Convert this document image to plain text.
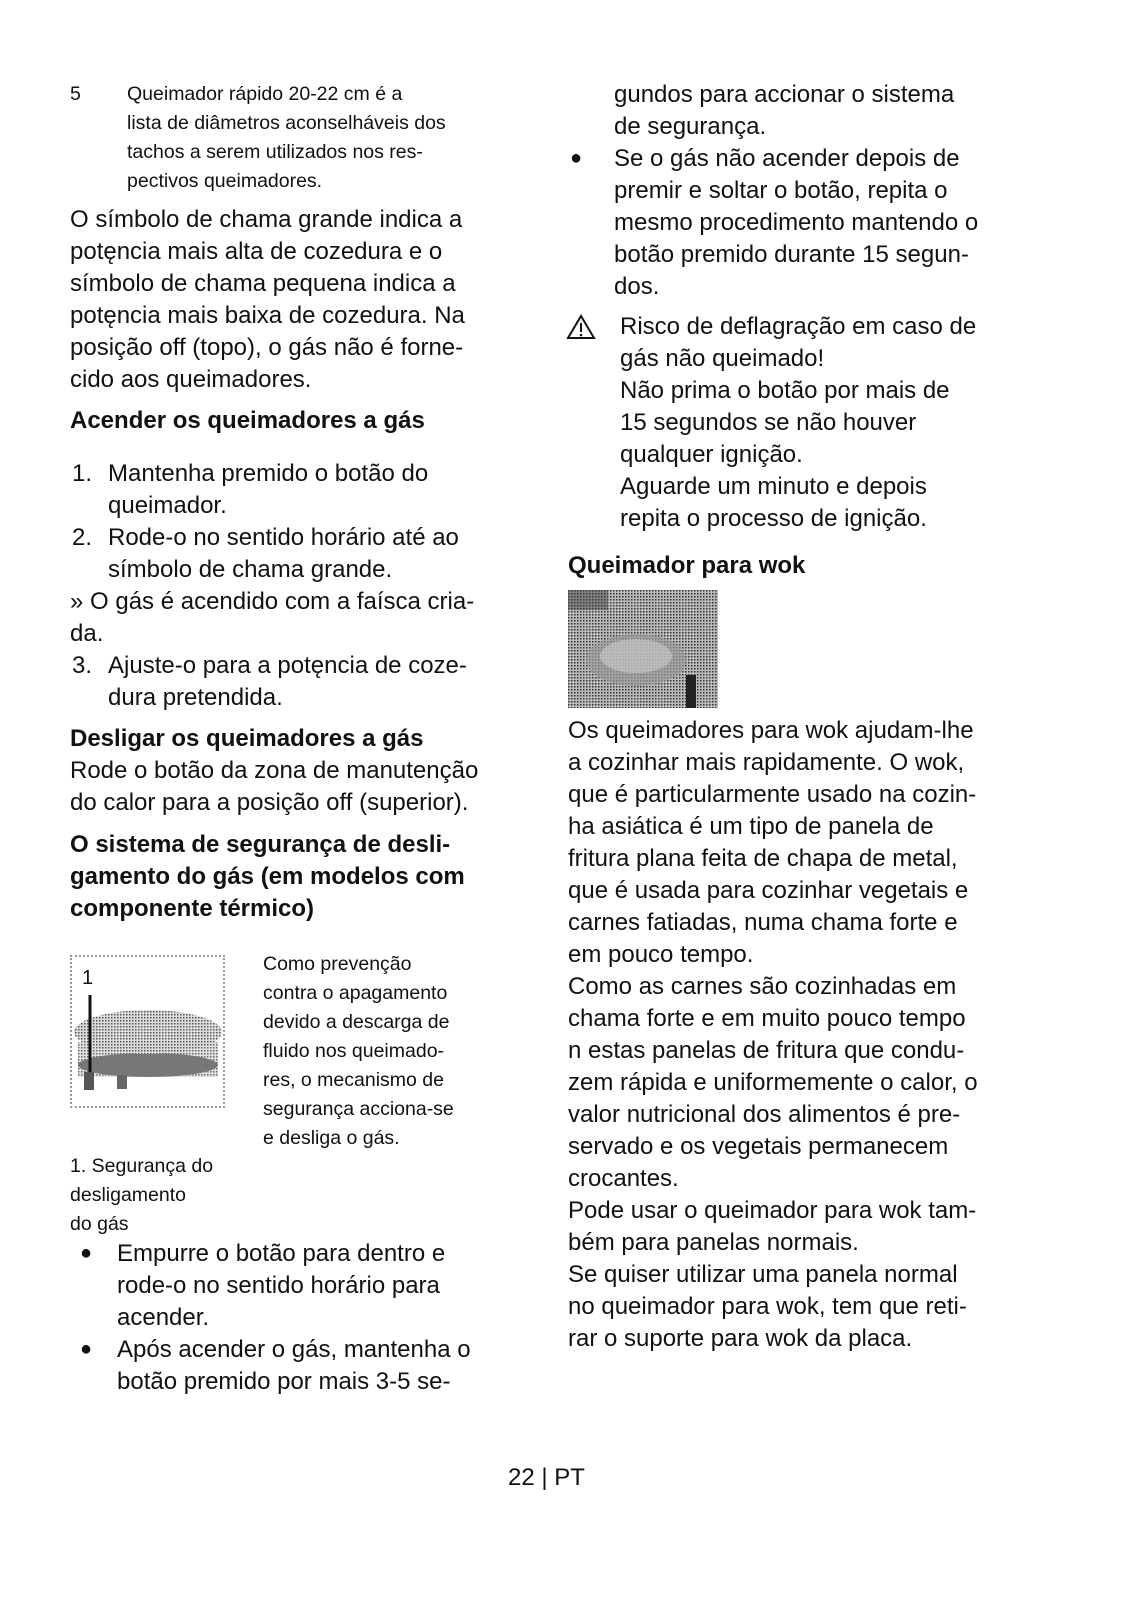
5 Queimador rápido 20-22 cm é a
lista de diâmetros aconselháveis dos
tachos a serem utilizados nos res-
pectivos queimadores.
O símbolo de chama grande indica a
potęncia mais alta de cozedura e o
símbolo de chama pequena indica a
potęncia mais baixa de cozedura. Na
posição off (topo), o gás não é forne-
cido aos queimadores.
Acender os queimadores a gás
1. Mantenha premido o botão do
queimador.
2. Rode-o no sentido horário até ao
símbolo de chama grande.
» O gás é acendido com a faísca cria-
da.
3. Ajuste-o para a potęncia de coze-
dura pretendida.
Desligar os queimadores a gás
Rode o botão da zona de manutenção
do calor para a posição off (superior).
O sistema de segurança de desli-
gamento do gás (em modelos com
componente térmico)
1
Como prevenção
contra o apagamento
devido a descarga de
fluido nos queimado-
res, o mecanismo de
segurança acciona-se
e desliga o gás.
1. Segurança do
desligamento
do gás
● Empurre o botão para dentro e
rode-o no sentido horário para
acender.
● Após acender o gás, mantenha o
botão premido por mais 3-5 se-
gundos para accionar o sistema
de segurança.
● Se o gás não acender depois de
premir e soltar o botão, repita o
mesmo procedimento mantendo o
botão premido durante 15 segun-
dos.
Risco de deflagração em caso de
gás não queimado!
Não prima o botão por mais de
15 segundos se não houver
qualquer ignição.
Aguarde um minuto e depois
repita o processo de ignição.
Queimador para wok
Os queimadores para wok ajudam-lhe
a cozinhar mais rapidamente. O wok,
que é particularmente usado na cozin-
ha asiática é um tipo de panela de
fritura plana feita de chapa de metal,
que é usada para cozinhar vegetais e
carnes fatiadas, numa chama forte e
em pouco tempo.
Como as carnes são cozinhadas em
chama forte e em muito pouco tempo
n estas panelas de fritura que condu-
zem rápida e uniformemente o calor, o
valor nutricional dos alimentos é pre-
servado e os vegetais permanecem
crocantes.
Pode usar o queimador para wok tam-
bém para panelas normais.
Se quiser utilizar uma panela normal
no queimador para wok, tem que reti-
rar o suporte para wok da placa.
22 | PT
